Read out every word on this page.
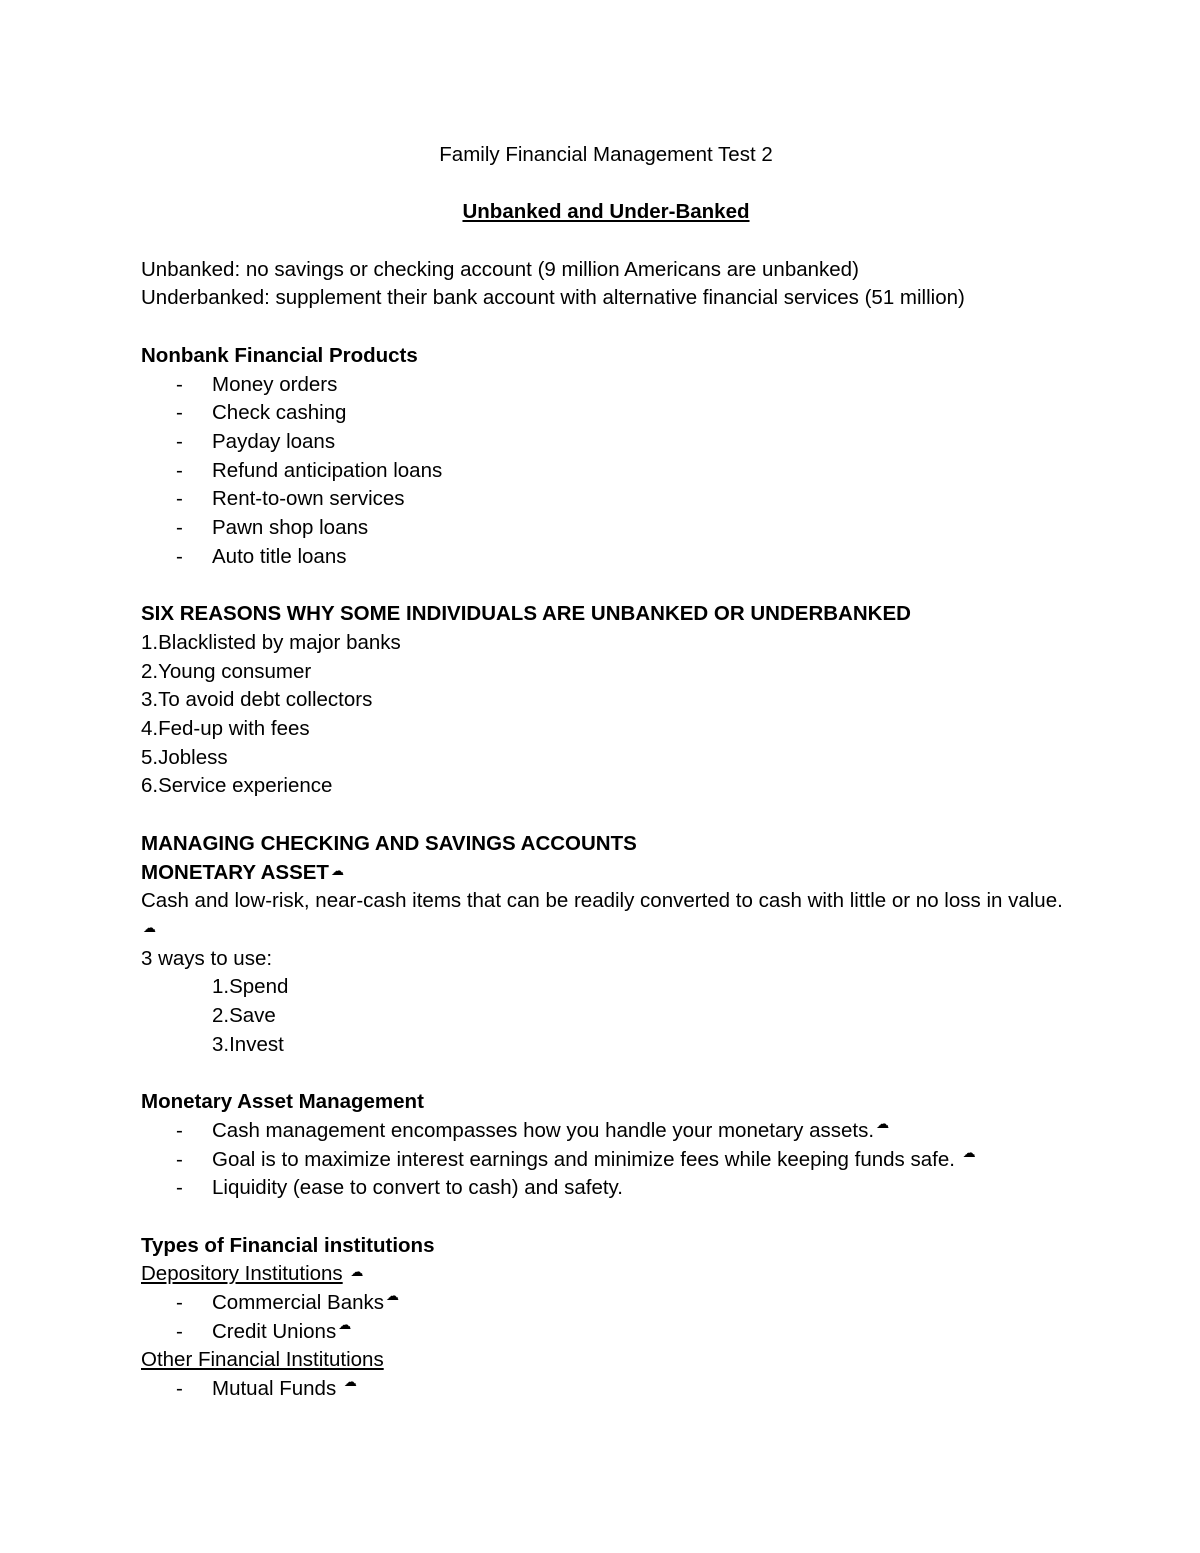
Family Financial Management Test 2
Unbanked and Under-Banked
Unbanked: no savings or checking account (9 million Americans are unbanked)
Underbanked: supplement their bank account with alternative financial services (51 million)
Nonbank Financial Products
-	Money orders
-	Check cashing
-	Payday loans
-	Refund anticipation loans
-	Rent-to-own services
-	Pawn shop loans
-	Auto title loans
SIX REASONS WHY SOME INDIVIDUALS ARE UNBANKED OR UNDERBANKED
1.Blacklisted by major banks
2.Young consumer
3.To avoid debt collectors
4.Fed-up with fees
5.Jobless
6.Service experience
MANAGING CHECKING AND SAVINGS ACCOUNTS
MONETARY ASSET ☁
Cash and low-risk, near-cash items that can be readily converted to cash with little or no loss in value. ☁
3 ways to use:
1.Spend
2.Save
3.Invest
Monetary Asset Management
-	Cash management encompasses how you handle your monetary assets. ☁
-	Goal is to maximize interest earnings and minimize fees while keeping funds safe.
☁
-	Liquidity (ease to convert to cash) and safety.
Types of Financial institutions
Depository Institutions ☁
-	Commercial Banks ☁
-	Credit Unions ☁
Other Financial Institutions
-	Mutual Funds
☁
